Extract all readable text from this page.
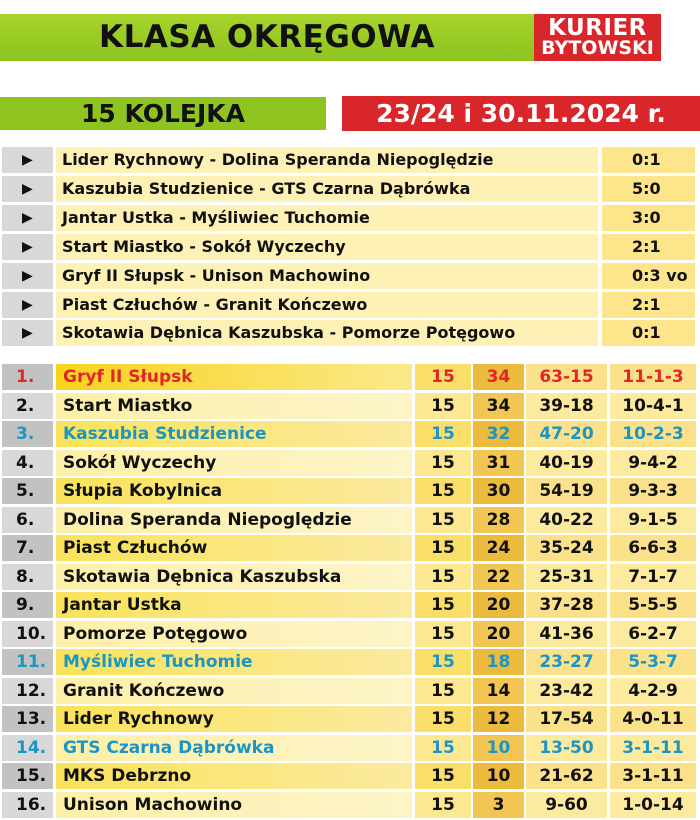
KLASA OKRĘGOWA	KURIER
BYTOWSKI
15 KOLEJKA	23/24 i 30.11.2024 r.
▶	Lider Rychnowy - Dolina Speranda Niepoględzie	0:1
▶	Kaszubia Studzienice - GTS Czarna Dąbrówka	5:0
▶	Jantar Ustka - Myśliwiec Tuchomie	3:0
▶	Start Miastko - Sokół Wyczechy	2:1
▶	Gryf II Słupsk - Unison Machowino	0:3 vo
▶	Piast Człuchów - Granit Kończewo	2:1
▶	Skotawia Dębnica Kaszubska - Pomorze Potęgowo	0:1
1.	Gryf II Słupsk	15	34	63-15	11-1-3
2.	Start Miastko	15	34	39-18	10-4-1
3.	Kaszubia Studzienice	15	32	47-20	10-2-3
4.	Sokół Wyczechy	15	31	40-19	9-4-2
5.	Słupia Kobylnica	15	30	54-19	9-3-3
6.	Dolina Speranda Niepoględzie	15	28	40-22	9-1-5
7.	Piast Człuchów	15	24	35-24	6-6-3
8.	Skotawia Dębnica Kaszubska	15	22	25-31	7-1-7
9.	Jantar Ustka	15	20	37-28	5-5-5
10. Pomorze Potęgowo	15	20	41-36	6-2-7
11. Myśliwiec Tuchomie	15	18	23-27	5-3-7
12. Granit Kończewo	15	14	23-42	4-2-9
13. Lider Rychnowy	15	12	17-54	4-0-11
14. GTS Czarna Dąbrówka	15	10	13-50	3-1-11
15. MKS Debrzno	15	10	21-62	3-1-11
16. Unison Machowino	15	3	9-60	1-0-14
